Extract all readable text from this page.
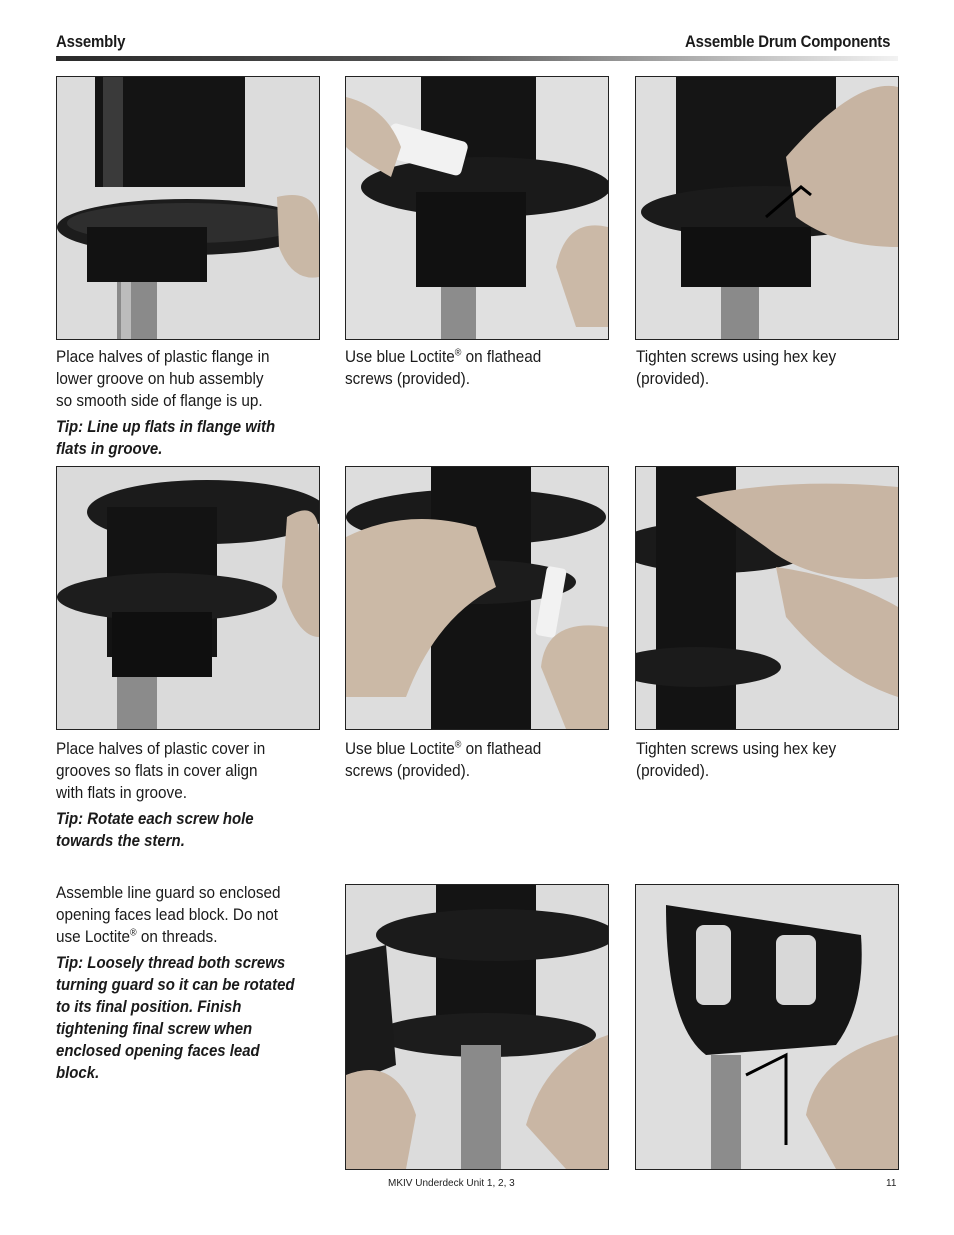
Assembly	Assemble Drum Components
Place halves of plastic flange in
lower groove on hub assembly
so smooth side of flange is up.
Tip: Line up flats in flange with
flats in groove.
Use blue Loctite® on flathead
screws (provided).
Tighten screws using hex key
(provided).
Place halves of plastic cover in
grooves so flats in cover align
with flats in groove.
Tip: Rotate each screw hole
towards the stern.
Use blue Loctite® on flathead
screws (provided).
Tighten screws using hex key
(provided).
Assemble line guard so enclosed
opening faces lead block. Do not
use Loctite® on threads.
Tip: Loosely thread both screws
turning guard so it can be rotated
to its final position. Finish
tightening final screw when
enclosed opening faces lead
block.
MKIV Underdeck Unit 1, 2, 3	11
